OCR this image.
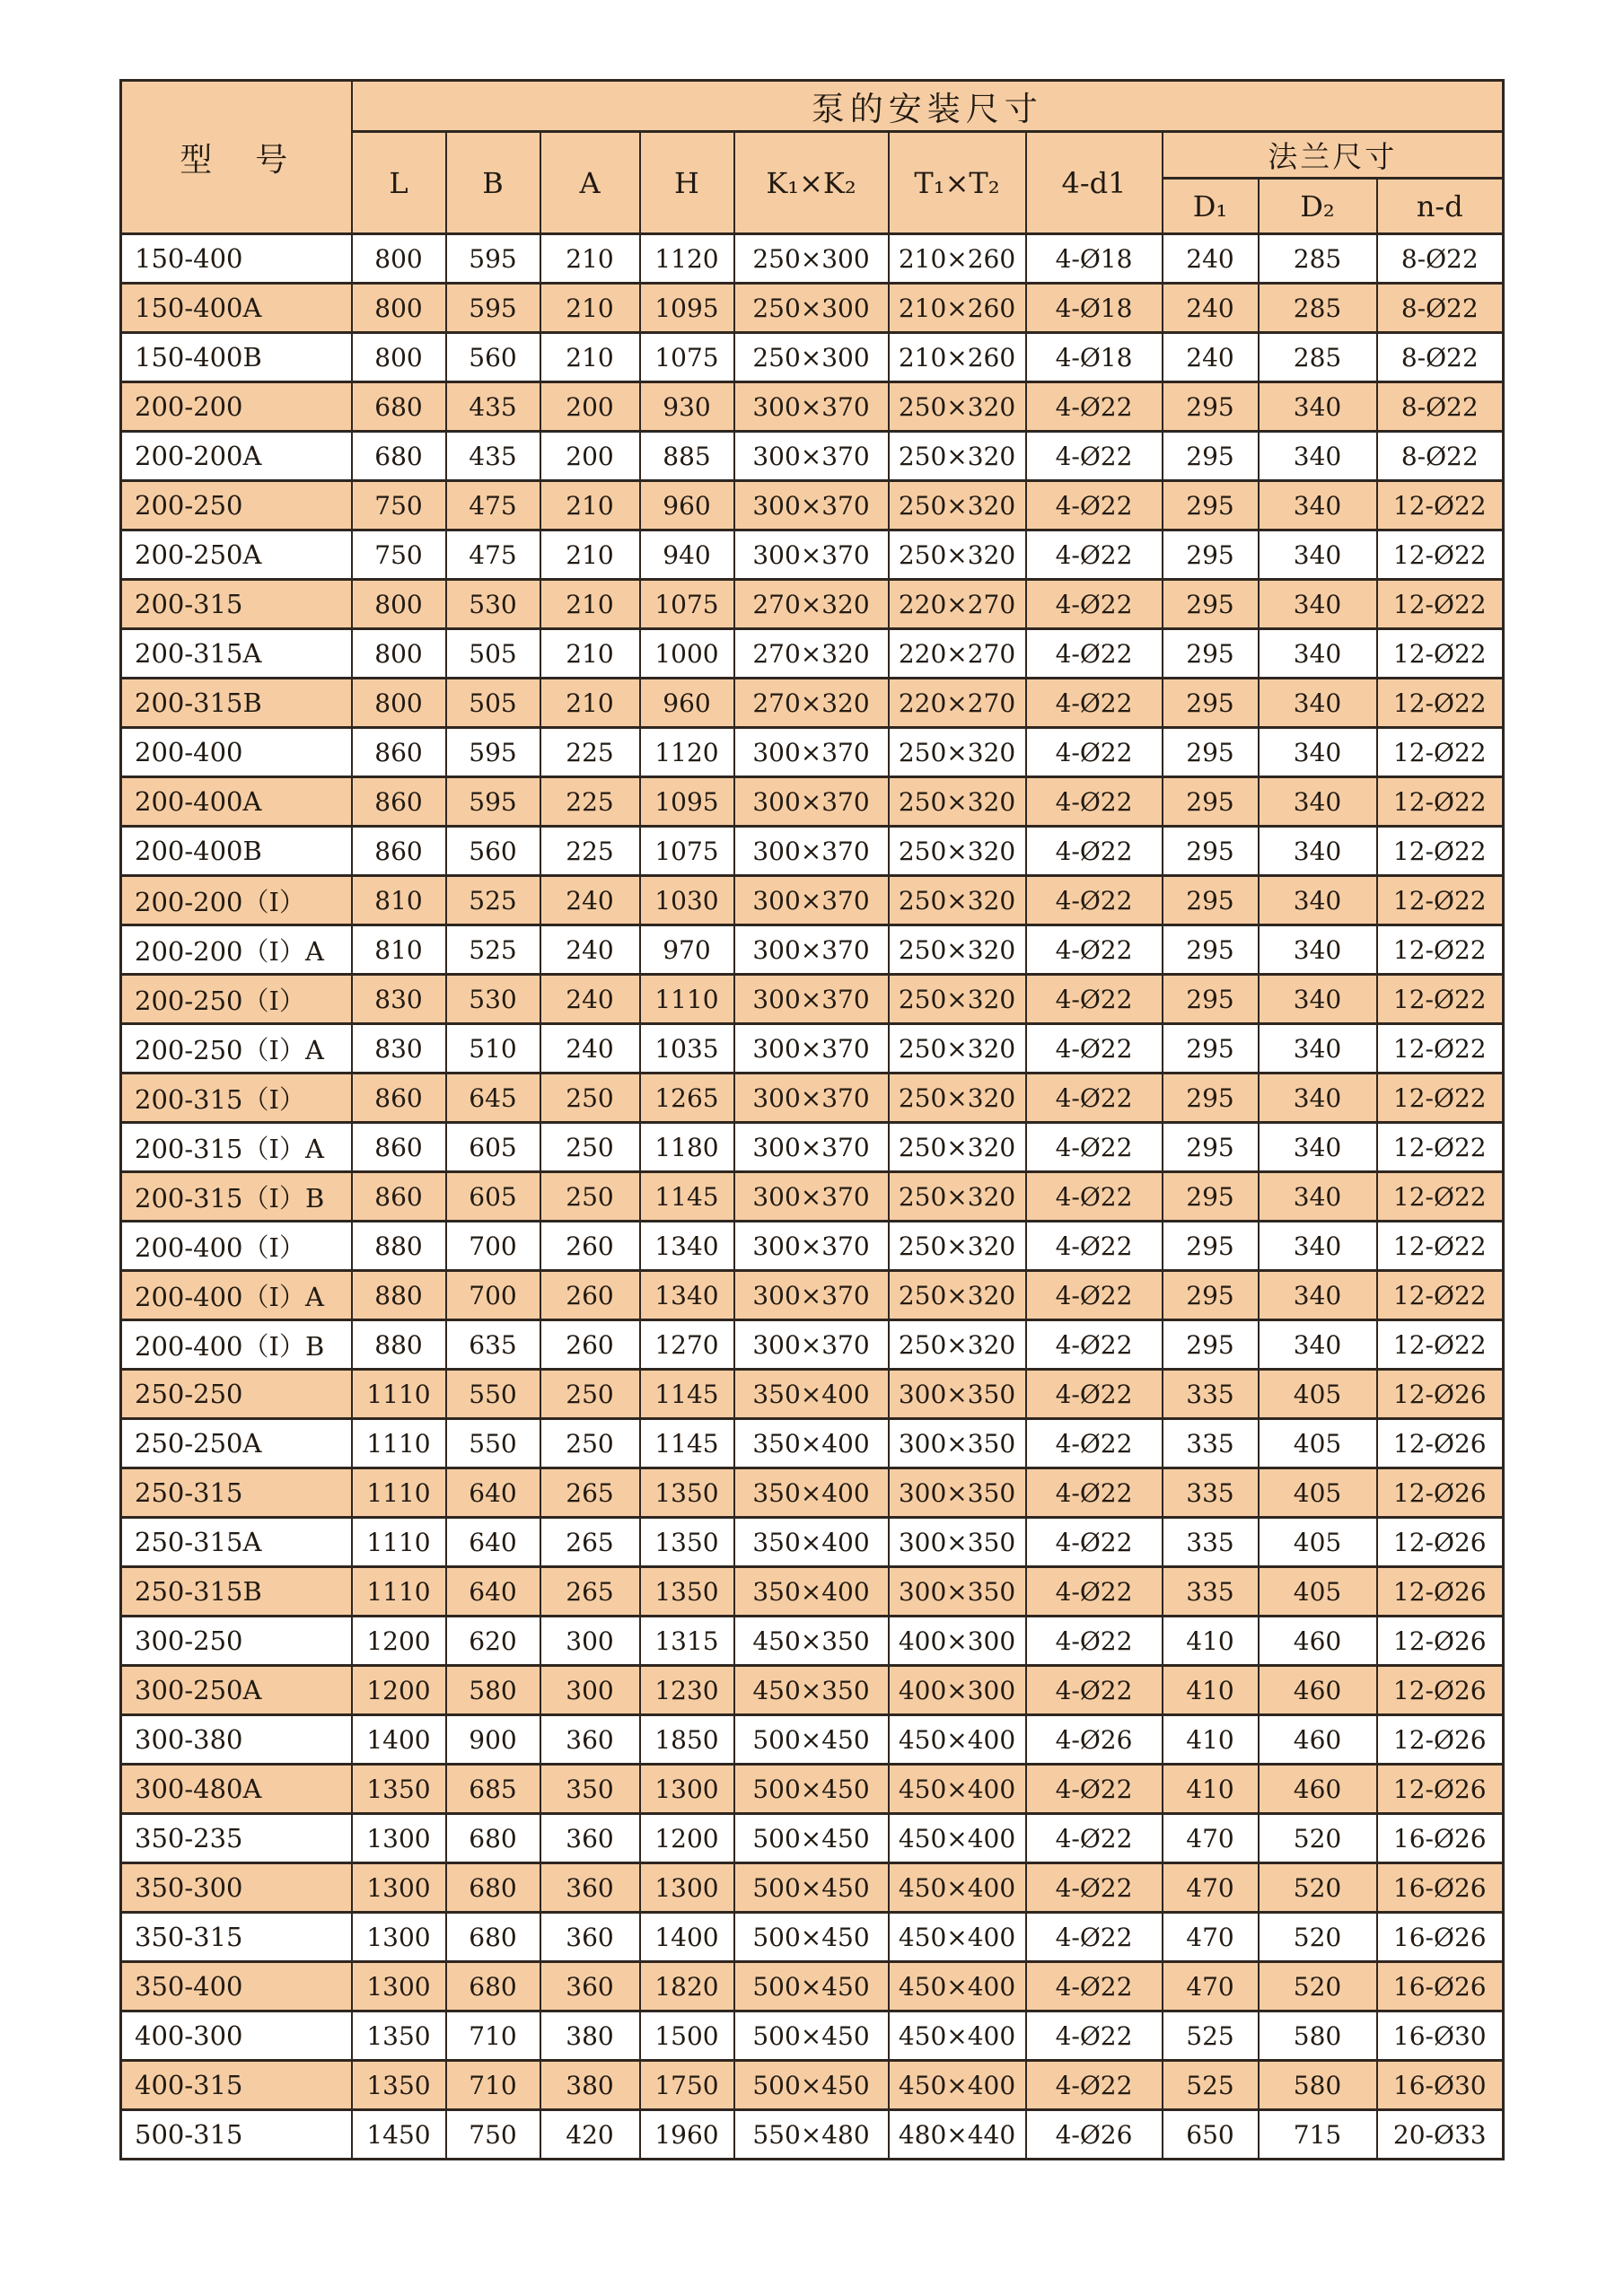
型　号	泵的安装尺寸									
	L	B	A	H	K₁×K₂	T₁×T₂	4-d1	法兰尺寸		
								D₁	D₂	n-d
150-400	800	595	210	1120	250×300	210×260	4-Ø18	240	285	8-Ø22
150-400A	800	595	210	1095	250×300	210×260	4-Ø18	240	285	8-Ø22
150-400B	800	560	210	1075	250×300	210×260	4-Ø18	240	285	8-Ø22
200-200	680	435	200	930	300×370	250×320	4-Ø22	295	340	8-Ø22
200-200A	680	435	200	885	300×370	250×320	4-Ø22	295	340	8-Ø22
200-250	750	475	210	960	300×370	250×320	4-Ø22	295	340	12-Ø22
200-250A	750	475	210	940	300×370	250×320	4-Ø22	295	340	12-Ø22
200-315	800	530	210	1075	270×320	220×270	4-Ø22	295	340	12-Ø22
200-315A	800	505	210	1000	270×320	220×270	4-Ø22	295	340	12-Ø22
200-315B	800	505	210	960	270×320	220×270	4-Ø22	295	340	12-Ø22
200-400	860	595	225	1120	300×370	250×320	4-Ø22	295	340	12-Ø22
200-400A	860	595	225	1095	300×370	250×320	4-Ø22	295	340	12-Ø22
200-400B	860	560	225	1075	300×370	250×320	4-Ø22	295	340	12-Ø22
200-200（I）	810	525	240	1030	300×370	250×320	4-Ø22	295	340	12-Ø22
200-200（I）A	810	525	240	970	300×370	250×320	4-Ø22	295	340	12-Ø22
200-250（I）	830	530	240	1110	300×370	250×320	4-Ø22	295	340	12-Ø22
200-250（I）A	830	510	240	1035	300×370	250×320	4-Ø22	295	340	12-Ø22
200-315（I）	860	645	250	1265	300×370	250×320	4-Ø22	295	340	12-Ø22
200-315（I）A	860	605	250	1180	300×370	250×320	4-Ø22	295	340	12-Ø22
200-315（I）B	860	605	250	1145	300×370	250×320	4-Ø22	295	340	12-Ø22
200-400（I）	880	700	260	1340	300×370	250×320	4-Ø22	295	340	12-Ø22
200-400（I）A	880	700	260	1340	300×370	250×320	4-Ø22	295	340	12-Ø22
200-400（I）B	880	635	260	1270	300×370	250×320	4-Ø22	295	340	12-Ø22
250-250	1110	550	250	1145	350×400	300×350	4-Ø22	335	405	12-Ø26
250-250A	1110	550	250	1145	350×400	300×350	4-Ø22	335	405	12-Ø26
250-315	1110	640	265	1350	350×400	300×350	4-Ø22	335	405	12-Ø26
250-315A	1110	640	265	1350	350×400	300×350	4-Ø22	335	405	12-Ø26
250-315B	1110	640	265	1350	350×400	300×350	4-Ø22	335	405	12-Ø26
300-250	1200	620	300	1315	450×350	400×300	4-Ø22	410	460	12-Ø26
300-250A	1200	580	300	1230	450×350	400×300	4-Ø22	410	460	12-Ø26
300-380	1400	900	360	1850	500×450	450×400	4-Ø26	410	460	12-Ø26
300-480A	1350	685	350	1300	500×450	450×400	4-Ø22	410	460	12-Ø26
350-235	1300	680	360	1200	500×450	450×400	4-Ø22	470	520	16-Ø26
350-300	1300	680	360	1300	500×450	450×400	4-Ø22	470	520	16-Ø26
350-315	1300	680	360	1400	500×450	450×400	4-Ø22	470	520	16-Ø26
350-400	1300	680	360	1820	500×450	450×400	4-Ø22	470	520	16-Ø26
400-300	1350	710	380	1500	500×450	450×400	4-Ø22	525	580	16-Ø30
400-315	1350	710	380	1750	500×450	450×400	4-Ø22	525	580	16-Ø30
500-315	1450	750	420	1960	550×480	480×440	4-Ø26	650	715	20-Ø33
